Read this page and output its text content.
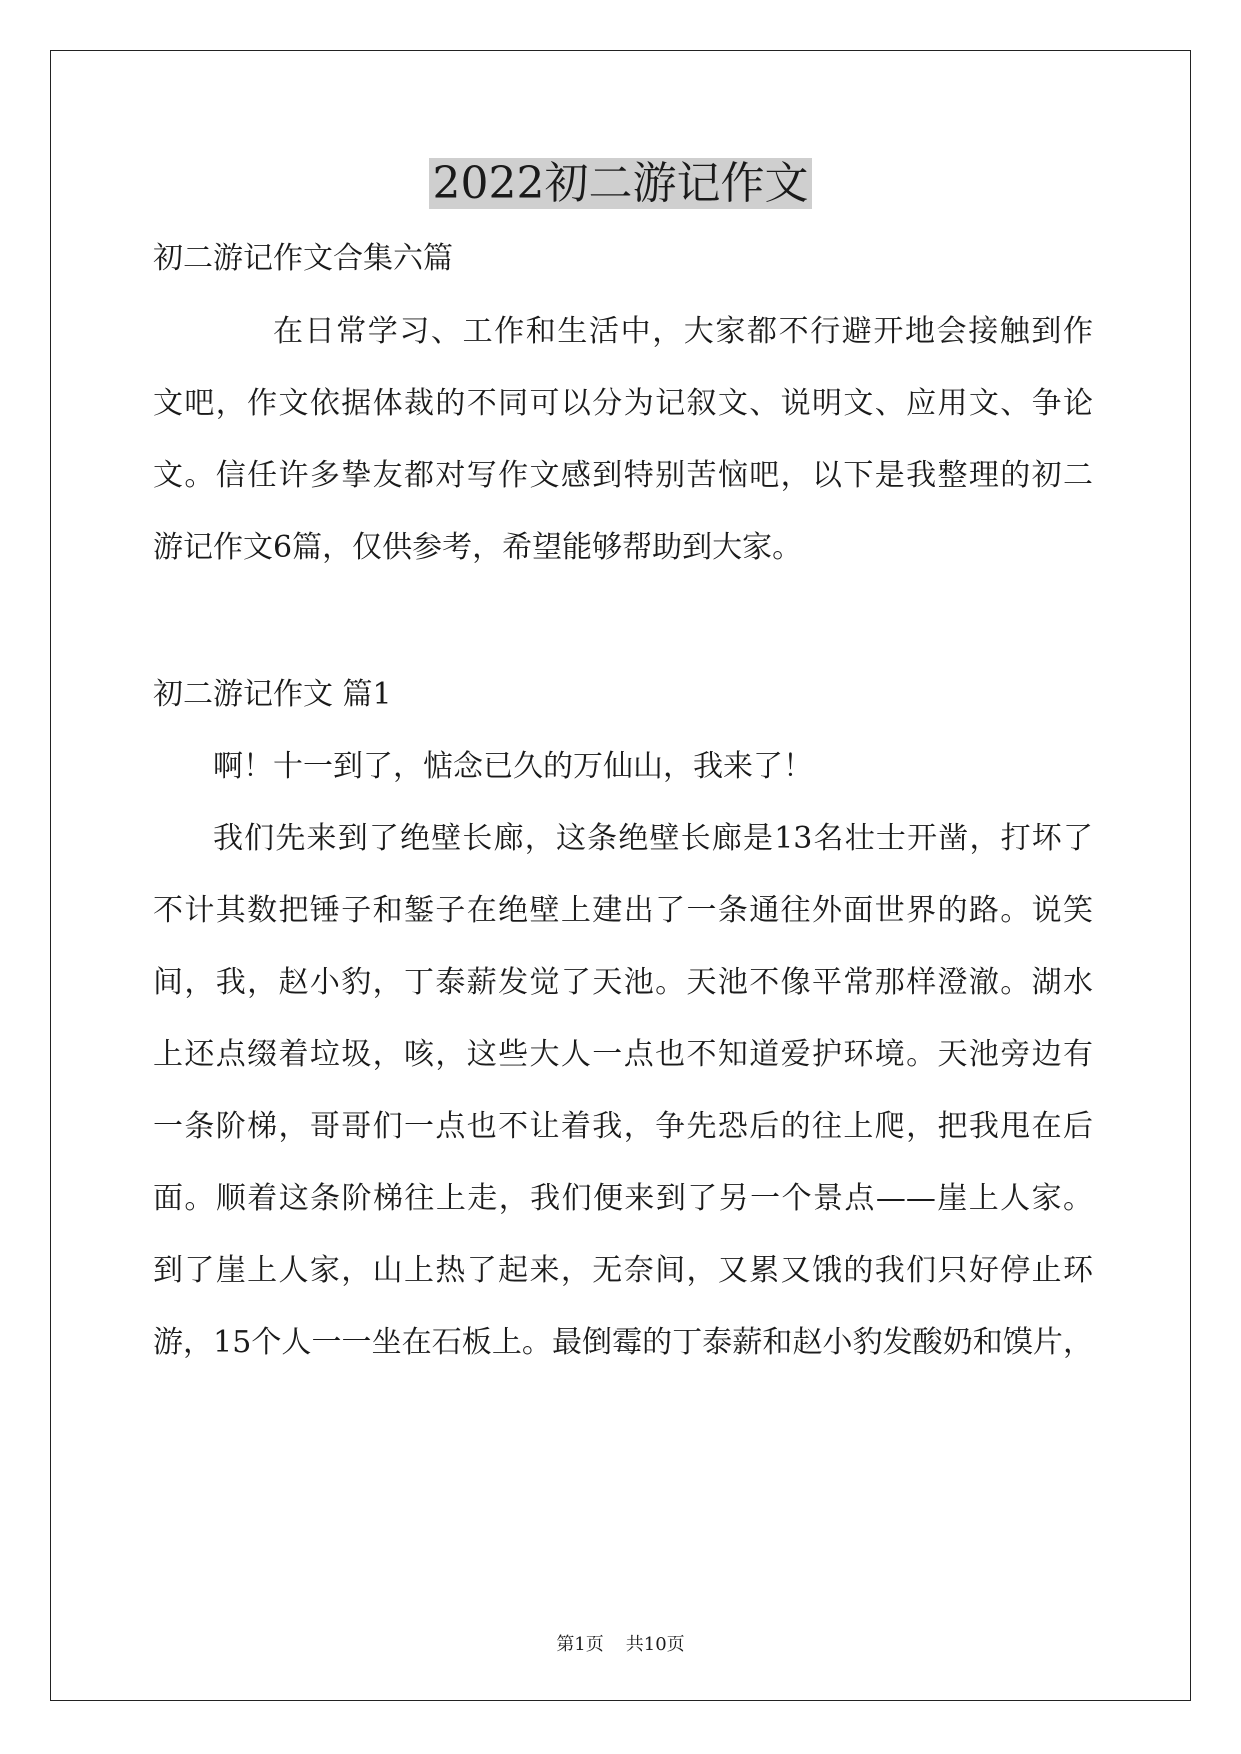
2022初二游记作文

初二游记作文合集六篇

在日常学习、工作和生活中，大家都不行避开地会接触到作

文吧，作文依据体裁的不同可以分为记叙文、说明文、应用文、争论

文。信任许多挚友都对写作文感到特别苦恼吧，以下是我整理的初二

游记作文6篇，仅供参考，希望能够帮助到大家。

初二游记作文 篇1

啊！十一到了，惦念已久的万仙山，我来了！

我们先来到了绝壁长廊，这条绝壁长廊是13名壮士开凿，打坏了

不计其数把锤子和錾子在绝壁上建出了一条通往外面世界的路。说笑

间，我，赵小豹，丁泰薪发觉了天池。天池不像平常那样澄澈。湖水

上还点缀着垃圾，咳，这些大人一点也不知道爱护环境。天池旁边有

一条阶梯，哥哥们一点也不让着我，争先恐后的往上爬，把我甩在后

面。顺着这条阶梯往上走，我们便来到了另一个景点——崖上人家。

到了崖上人家，山上热了起来，无奈间，又累又饿的我们只好停止环

游，15个人一一坐在石板上。最倒霉的丁泰薪和赵小豹发酸奶和馍片，

第1页 共10页
